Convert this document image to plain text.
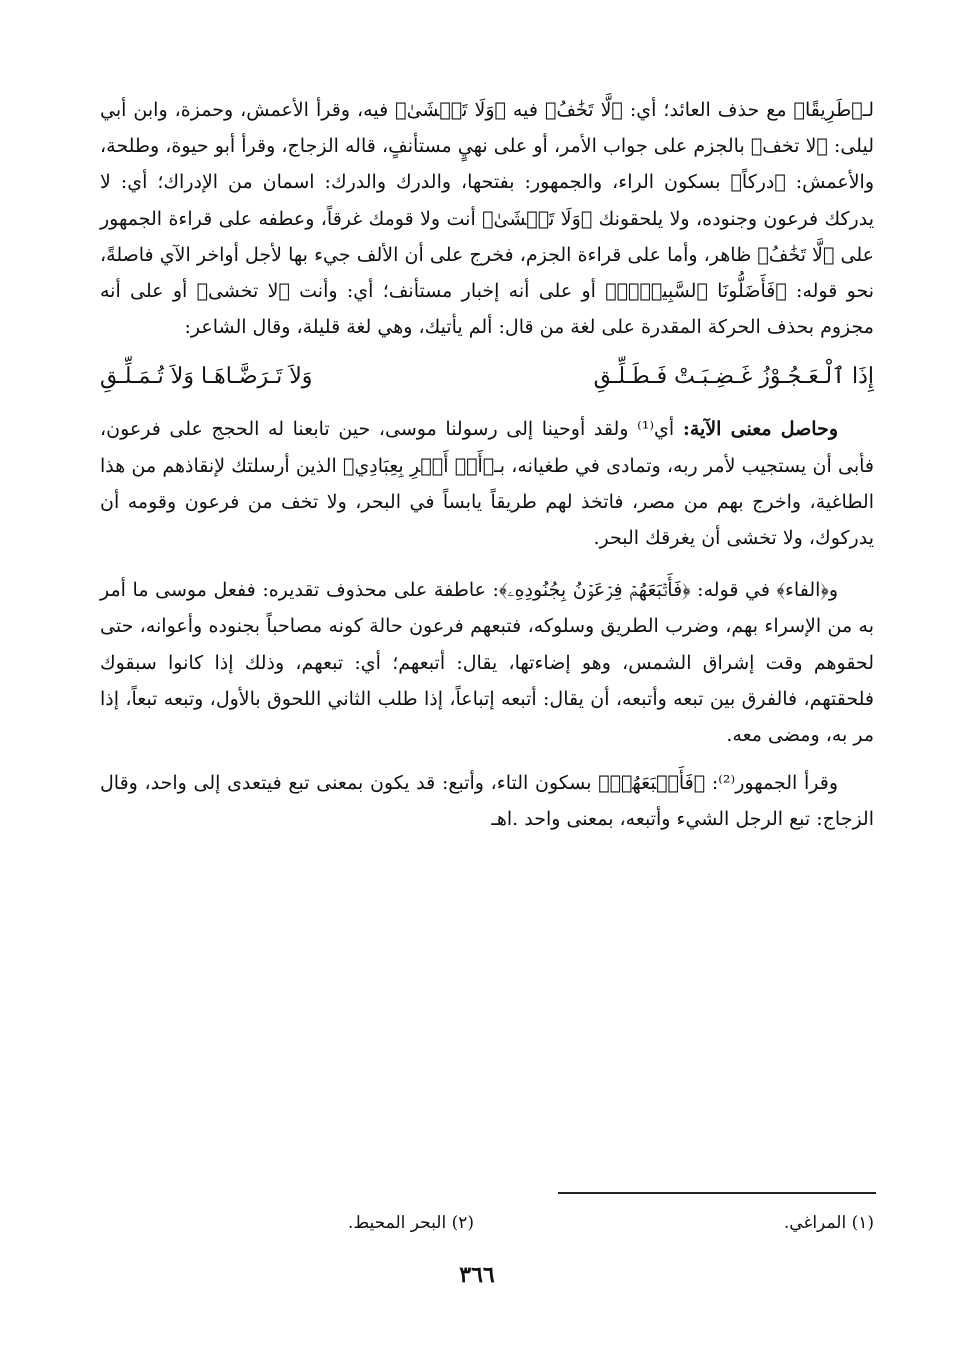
لـ﴿طَرِيقًا﴾ مع حذف العائد؛ أي: ﴿لَّا تَخَٰفُ﴾ فيه ﴿وَلَا تَخۡشَىٰ﴾ فيه، وقرأ الأعمش، وحمزة، وابن أبي ليلى: ﴿لا تخف﴾ بالجزم على جواب الأمر، أو على نهيٍ مستأنفٍ، قاله الزجاج، وقرأ أبو حيوة، وطلحة، والأعمش: ﴿دركاً﴾ بسكون الراء، والجمهور: بفتحها، والدرك والدرك: اسمان من الإدراك؛ أي: لا يدركك فرعون وجنوده، ولا يلحقونك ﴿وَلَا تَخۡشَىٰ﴾ أنت ولا قومك غرقاً، وعطفه على قراءة الجمهور على ﴿لَّا تَخَٰفُ﴾ ظاهر، وأما على قراءة الجزم، فخرج على أن الألف جيء بها لأجل أواخر الآي فاصلةً، نحو قوله: ﴿فَأَضَلُّونَا ٱلسَّبِيلَا۠﴾ أو على أنه إخبار مستأنف؛ أي: وأنت ﴿لا تخشى﴾ أو على أنه مجزوم بحذف الحركة المقدرة على لغة من قال: ألم يأتيك، وهي لغة قليلة، وقال الشاعر:

إِذَا ٱلْـعَـجُـوْزُ غَـضِـبَـتْ فَـطَـلِّـقِ
وَلاَ تَـرَضَّـاهَـا وَلاَ تُـمَـلِّـقِ

وحاصل معنى الآية: أي⁽¹⁾ ولقد أوحينا إلى رسولنا موسى، حين تابعنا له الحجج على فرعون، فأبى أن يستجيب لأمر ربه، وتمادى في طغيانه، بـ﴿أَنۡ أَسۡرِ بِعِبَادِي﴾ الذين أرسلتك لإنقاذهم من هذا الطاغية، واخرج بهم من مصر، فاتخذ لهم طريقاً يابساً في البحر، ولا تخف من فرعون وقومه أن يدركوك، ولا تخشى أن يغرقك البحر.

و﴿الفاء﴾ في قوله: ﴿فَأَتۡبَعَهُمۡ فِرۡعَوۡنُ بِجُنُودِهِۦ﴾: عاطفة على محذوف تقديره: ففعل موسى ما أمر به من الإسراء بهم، وضرب الطريق وسلوكه، فتبعهم فرعون حالة كونه مصاحباً بجنوده وأعوانه، حتى لحقوهم وقت إشراق الشمس، وهو إضاءتها، يقال: أتبعهم؛ أي: تبعهم، وذلك إذا كانوا سبقوك فلحقتهم، فالفرق بين تبعه وأتبعه، أن يقال: أتبعه إتباعاً، إذا طلب الثاني اللحوق بالأول، وتبعه تبعاً، إذا مر به، ومضى معه.

وقرأ الجمهور⁽²⁾: ﴿فَأَتۡبَعَهُمۡ﴾ بسكون التاء، وأتبع: قد يكون بمعنى تبع فيتعدى إلى واحد، وقال الزجاج: تبع الرجل الشيء وأتبعه، بمعنى واحد .اهـ

(١) المراغي.
(٢) البحر المحيط.
٣٦٦
